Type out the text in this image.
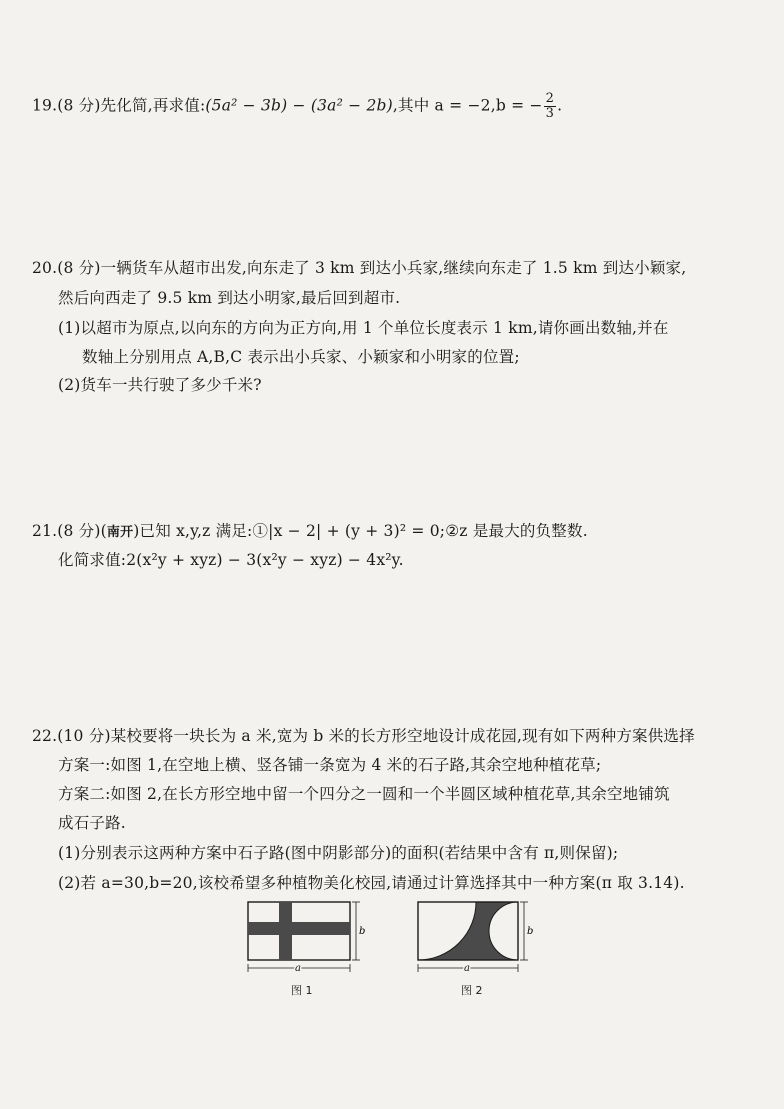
19.(8 分)先化简,再求值:(5a² − 3b) − (3a² − 2b),其中 a = −2,b = − $\frac{2}{3}$ .
20.(8 分)一辆货车从超市出发,向东走了 3 km 到达小兵家,继续向东走了 1.5 km 到达小颖家,
然后向西走了 9.5 km 到达小明家,最后回到超市.
(1)以超市为原点,以向东的方向为正方向,用 1 个单位长度表示 1 km,请你画出数轴,并在
数轴上分别用点 A,B,C 表示出小兵家、小颖家和小明家的位置;
(2)货车一共行驶了多少千米?
21.(8 分)(南开)已知 x,y,z 满足:①|x − 2| + (y + 3)² = 0;②z 是最大的负整数.
化简求值:2(x²y + xyz) − 3(x²y − xyz) − 4x²y.
22.(10 分)某校要将一块长为 a 米,宽为 b 米的长方形空地设计成花园,现有如下两种方案供选择
方案一:如图 1,在空地上横、竖各铺一条宽为 4 米的石子路,其余空地种植花草;
方案二:如图 2,在长方形空地中留一个四分之一圆和一个半圆区域种植花草,其余空地铺筑
成石子路.
(1)分别表示这两种方案中石子路(图中阴影部分)的面积(若结果中含有 π,则保留);
(2)若 a=30,b=20,该校希望多种植物美化校园,请通过计算选择其中一种方案(π 取 3.14).
b
a
图 1
b
a
图 2
